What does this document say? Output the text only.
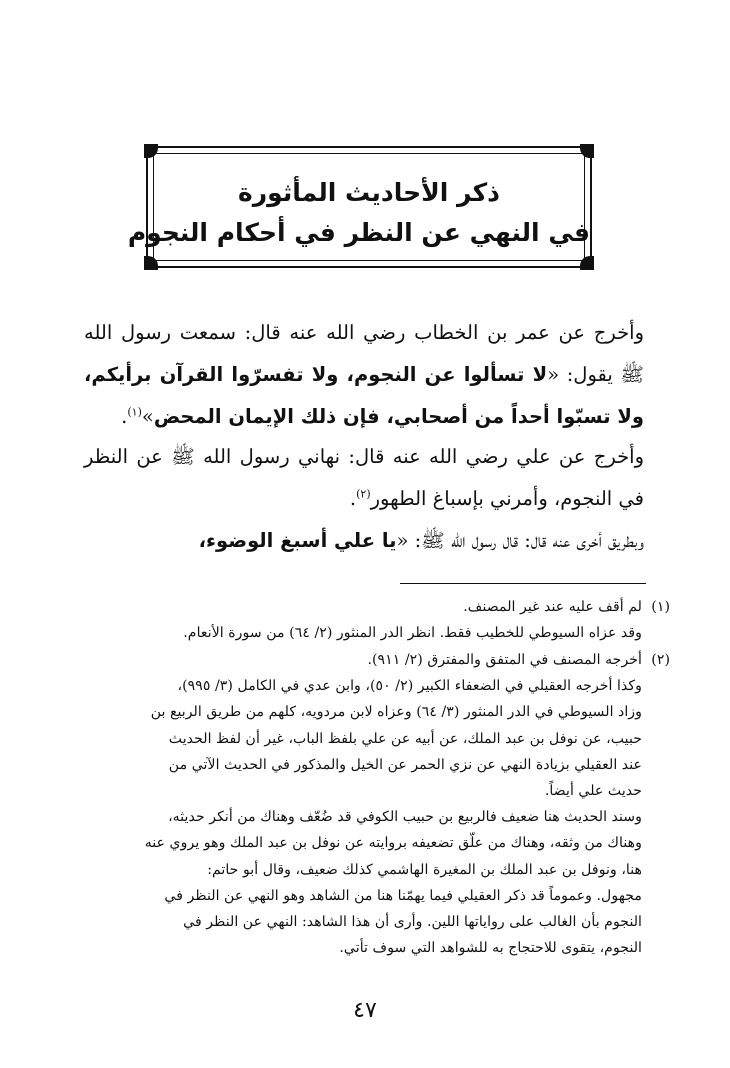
ذكر الأحاديث المأثورة
في النهي عن النظر في أحكام النجوم
وأخرج عن عمر بن الخطاب رضي الله عنه قال: سمعت رسول الله ﷺ يقول: «لا تسألوا عن النجوم، ولا تفسرّوا القرآن برأيكم، ولا تسبّوا أحداً من أصحابي، فإن ذلك الإيمان المحض»$^{(١)}$.
وأخرج عن علي رضي الله عنه قال: نهاني رسول الله ﷺ عن النظر في النجوم، وأمرني بإسباغ الطهور$^{(٢)}$.
وبطريق أخرى عنه قال: قال رسول الله ﷺ: «يا علي أسبغ الوضوء،
(١)
لم أقف عليه عند غير المصنف.
وقد عزاه السيوطي للخطيب فقط. انظر الدر المنثور (٢/ ٦٤) من سورة الأنعام.
(٢)
أخرجه المصنف في المتفق والمفترق (٢/ ٩١١).
وكذا أخرجه العقيلي في الضعفاء الكبير (٢/ ٥٠)، وابن عدي في الكامل (٣/ ٩٩٥)،
وزاد السيوطي في الدر المنثور (٣/ ٦٤) وعزاه لابن مردويه، كلهم من طريق الربيع بن
حبيب، عن نوفل بن عبد الملك، عن أبيه عن علي بلفظ الباب، غير أن لفظ الحديث
عند العقيلي بزيادة النهي عن نزي الحمر عن الخيل والمذكور في الحديث الآتي من
حديث علي أيضاً.
وسند الحديث هنا ضعيف فالربيع بن حبيب الكوفي قد ضُعّف وهناك من أنكر حديثه،
وهناك من وثقه، وهناك من علّق تضعيفه بروايته عن نوفل بن عبد الملك وهو يروي عنه
هنا، ونوفل بن عبد الملك بن المغيرة الهاشمي كذلك ضعيف، وقال أبو حاتم:
مجهول. وعموماً قد ذكر العقيلي فيما يهمّنا هنا من الشاهد وهو النهي عن النظر في
النجوم بأن الغالب على رواياتها اللين. وأرى أن هذا الشاهد: النهي عن النظر في
النجوم، يتقوى للاحتجاج به للشواهد التي سوف تأتي.
٤٧
